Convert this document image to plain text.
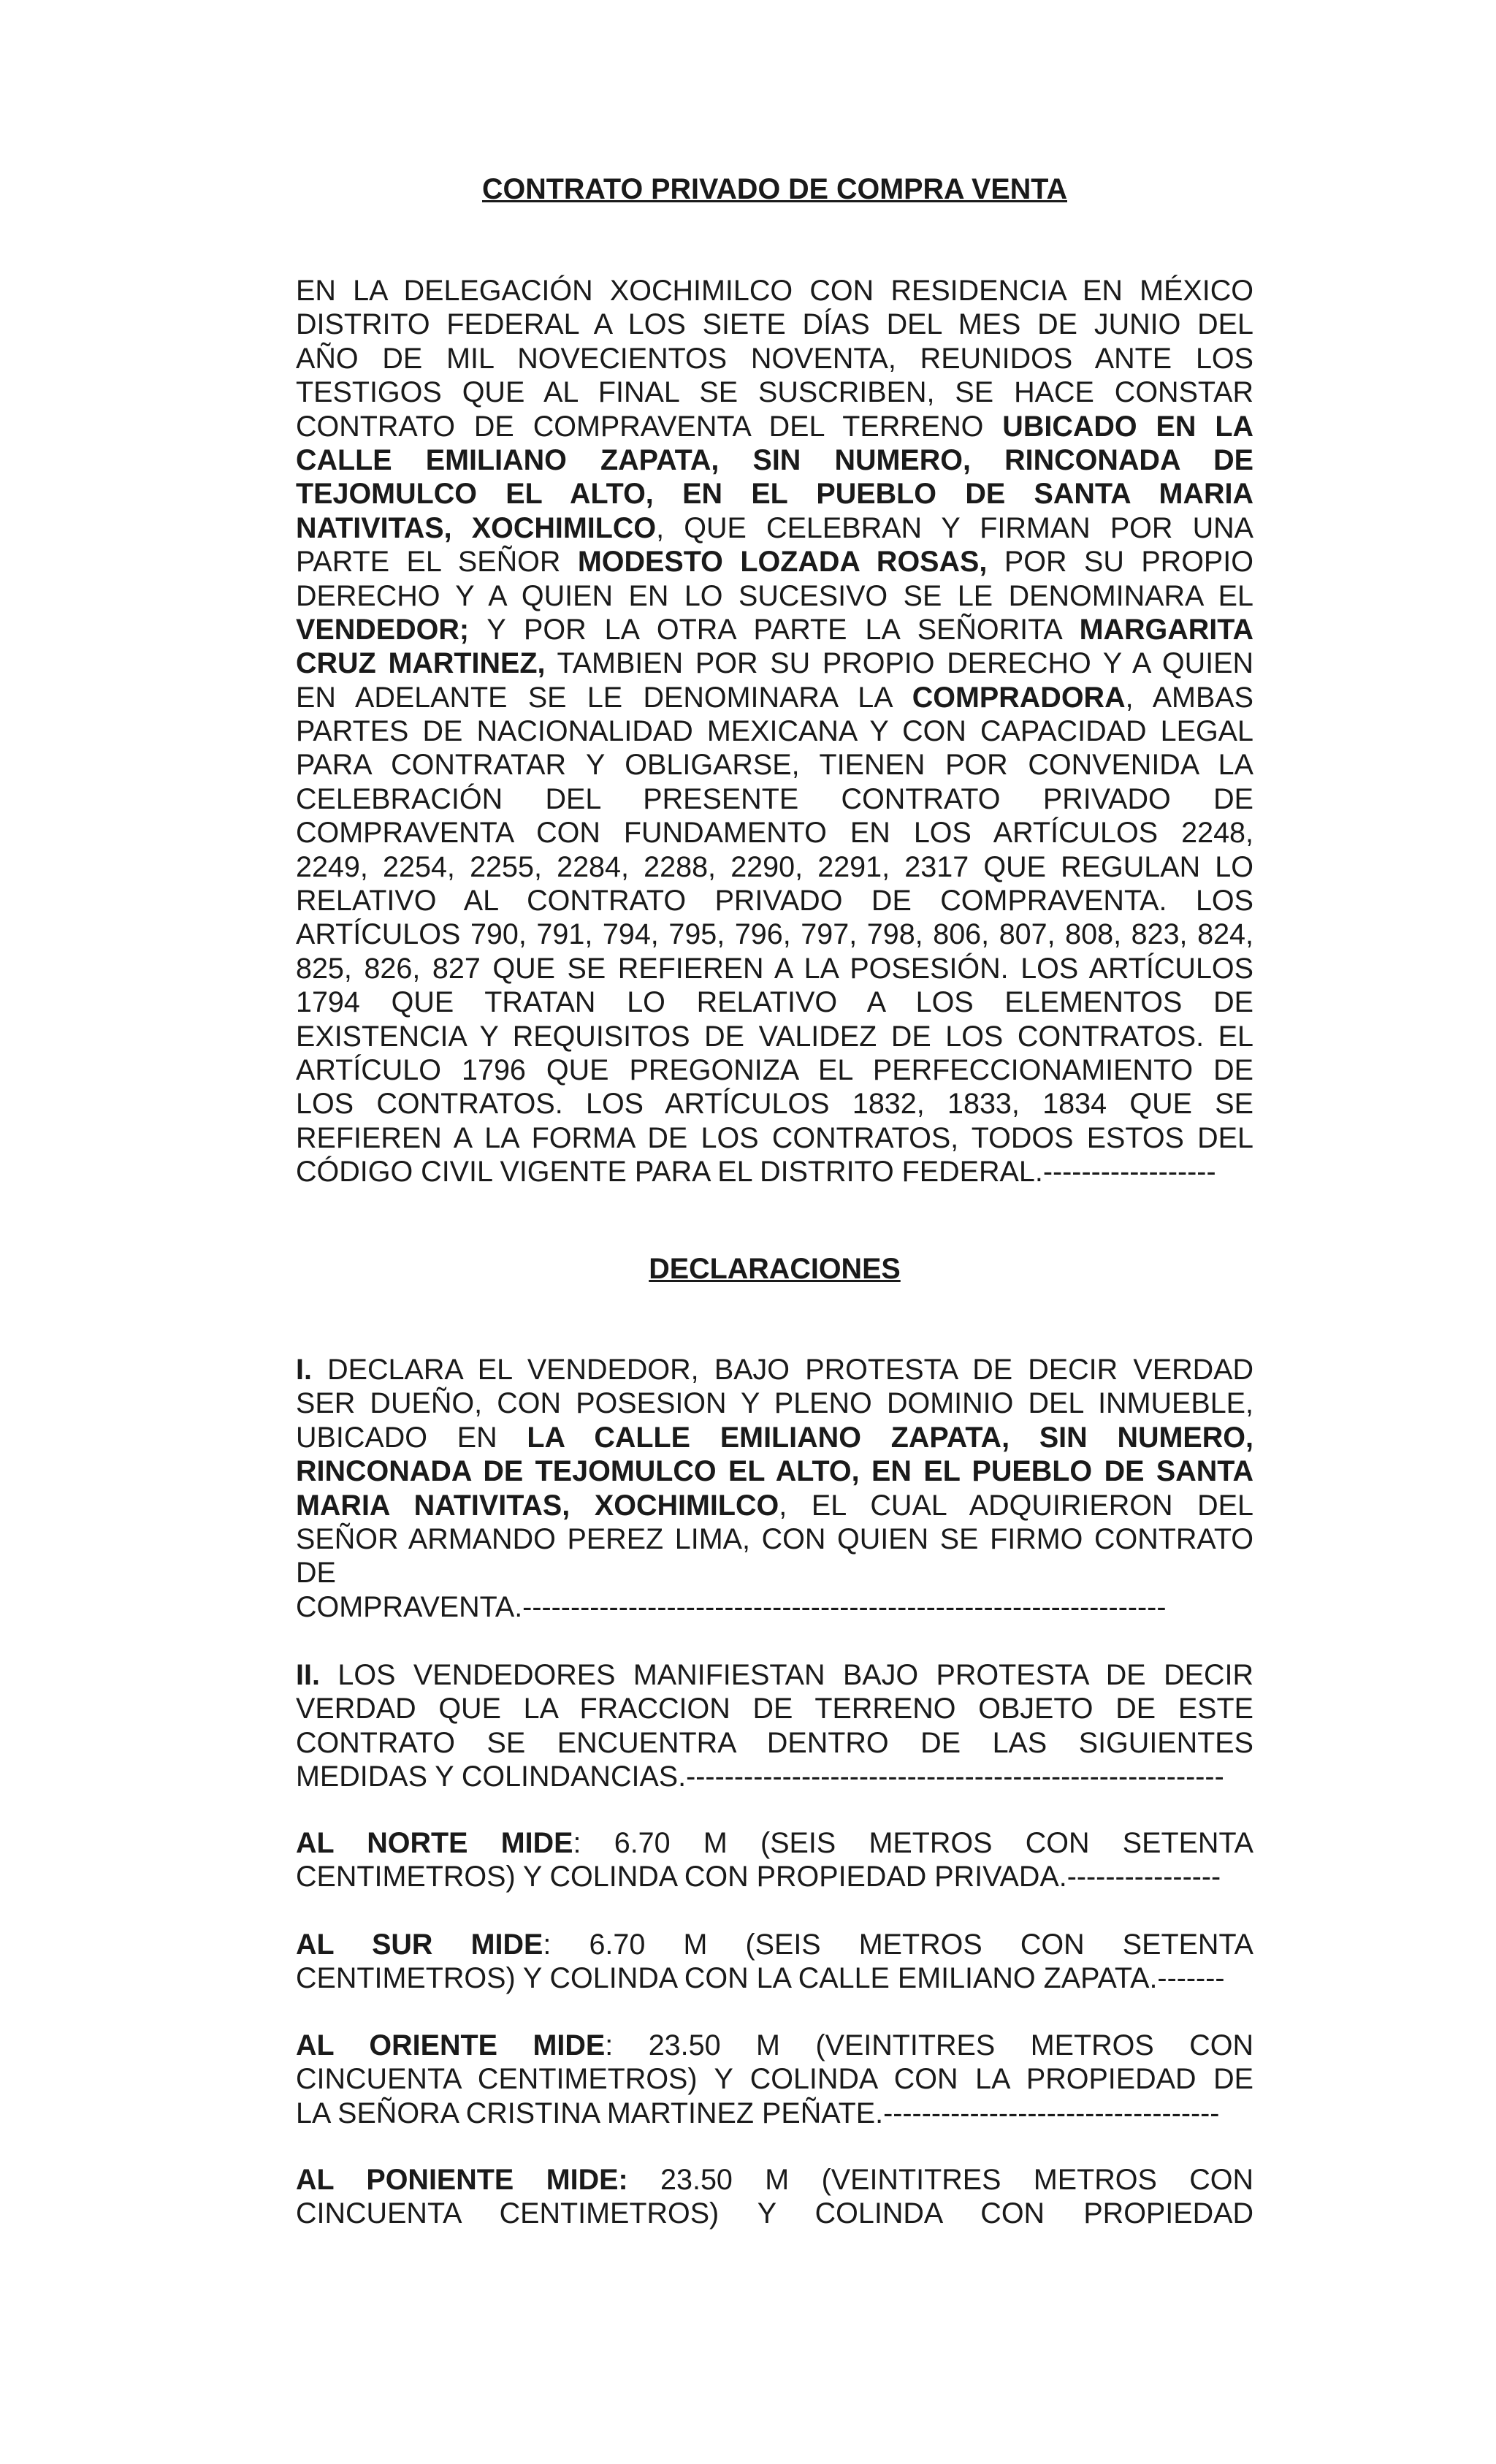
CONTRATO PRIVADO DE COMPRA VENTA
EN LA DELEGACIÓN XOCHIMILCO CON RESIDENCIA EN MÉXICO
DISTRITO FEDERAL A LOS SIETE DÍAS DEL MES DE JUNIO DEL
AÑO DE MIL NOVECIENTOS NOVENTA, REUNIDOS ANTE LOS
TESTIGOS QUE AL FINAL SE SUSCRIBEN, SE HACE CONSTAR
CONTRATO DE COMPRAVENTA DEL TERRENO UBICADO EN LA
CALLE EMILIANO ZAPATA, SIN NUMERO, RINCONADA DE
TEJOMULCO EL ALTO, EN EL PUEBLO DE SANTA MARIA
NATIVITAS, XOCHIMILCO, QUE CELEBRAN Y FIRMAN POR UNA
PARTE EL SEÑOR MODESTO LOZADA ROSAS, POR SU PROPIO
DERECHO Y A QUIEN EN LO SUCESIVO SE LE DENOMINARA EL
VENDEDOR; Y POR LA OTRA PARTE LA SEÑORITA MARGARITA
CRUZ MARTINEZ, TAMBIEN POR SU PROPIO DERECHO Y A QUIEN
EN ADELANTE SE LE DENOMINARA LA COMPRADORA, AMBAS
PARTES DE NACIONALIDAD MEXICANA Y CON CAPACIDAD LEGAL
PARA CONTRATAR Y OBLIGARSE, TIENEN POR CONVENIDA LA
CELEBRACIÓN DEL PRESENTE CONTRATO PRIVADO DE
COMPRAVENTA CON FUNDAMENTO EN LOS ARTÍCULOS 2248,
2249, 2254, 2255, 2284, 2288, 2290, 2291, 2317 QUE REGULAN LO
RELATIVO AL CONTRATO PRIVADO DE COMPRAVENTA. LOS
ARTÍCULOS 790, 791, 794, 795, 796, 797, 798, 806, 807, 808, 823, 824,
825, 826, 827 QUE SE REFIEREN A LA POSESIÓN. LOS ARTÍCULOS
1794 QUE TRATAN LO RELATIVO A LOS ELEMENTOS DE
EXISTENCIA Y REQUISITOS DE VALIDEZ DE LOS CONTRATOS. EL
ARTÍCULO 1796 QUE PREGONIZA EL PERFECCIONAMIENTO DE
LOS CONTRATOS. LOS ARTÍCULOS 1832, 1833, 1834 QUE SE
REFIEREN A LA FORMA DE LOS CONTRATOS, TODOS ESTOS DEL
CÓDIGO CIVIL VIGENTE PARA EL DISTRITO FEDERAL.------------------
DECLARACIONES
I. DECLARA EL VENDEDOR, BAJO PROTESTA DE DECIR VERDAD
SER DUEÑO, CON POSESION Y PLENO DOMINIO DEL INMUEBLE,
UBICADO EN LA CALLE EMILIANO ZAPATA, SIN NUMERO,
RINCONADA DE TEJOMULCO EL ALTO, EN EL PUEBLO DE SANTA
MARIA NATIVITAS, XOCHIMILCO, EL CUAL ADQUIRIERON DEL
SEÑOR ARMANDO PEREZ LIMA, CON QUIEN SE FIRMO CONTRATO
DE
COMPRAVENTA.-------------------------------------------------------------------
II. LOS VENDEDORES MANIFIESTAN BAJO PROTESTA DE DECIR
VERDAD QUE LA FRACCION DE TERRENO OBJETO DE ESTE
CONTRATO SE ENCUENTRA DENTRO DE LAS SIGUIENTES
MEDIDAS Y COLINDANCIAS.--------------------------------------------------------
AL NORTE MIDE: 6.70 M (SEIS METROS CON SETENTA
CENTIMETROS) Y COLINDA CON PROPIEDAD PRIVADA.----------------
AL SUR MIDE: 6.70 M (SEIS METROS CON SETENTA
CENTIMETROS) Y COLINDA CON LA CALLE EMILIANO ZAPATA.-------
AL ORIENTE MIDE: 23.50 M (VEINTITRES METROS CON
CINCUENTA CENTIMETROS) Y COLINDA CON LA PROPIEDAD DE
LA SEÑORA CRISTINA MARTINEZ PEÑATE.-----------------------------------
AL PONIENTE MIDE: 23.50 M (VEINTITRES METROS CON
CINCUENTA CENTIMETROS) Y COLINDA CON PROPIEDAD
